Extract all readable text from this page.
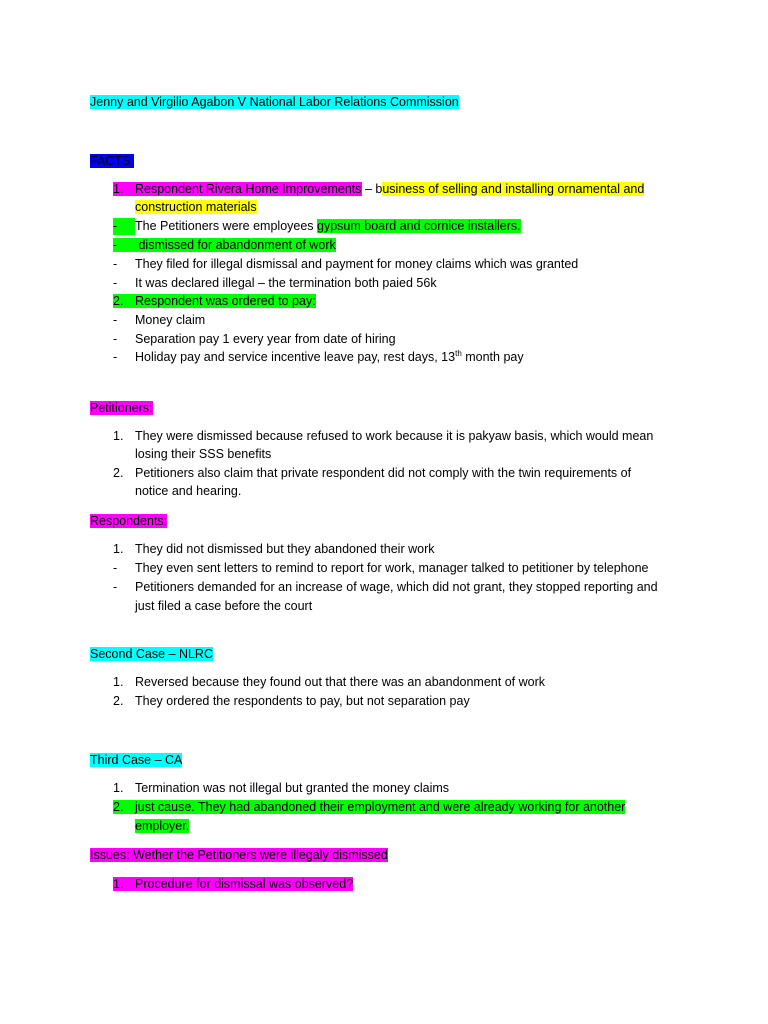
Jenny and Virgilio Agabon V National Labor Relations Commission
FACTS:
1. Respondent Rivera Home Improvements – business of selling and installing ornamental and
construction materials
- The Petitioners were employees gypsum board and cornice installers.
- dismissed for abandonment of work
- They filed for illegal dismissal and payment for money claims which was granted
- It was declared illegal – the termination both paied 56k
2. Respondent was ordered to pay:
- Money claim
- Separation pay 1 every year from date of hiring
- Holiday pay and service incentive leave pay, rest days, 13th month pay
Petitioners:
1. They were dismissed because refused to work because it is pakyaw basis, which would mean
losing their SSS benefits
2. Petitioners also claim that private respondent did not comply with the twin requirements of
notice and hearing.
Respondents:
1. They did not dismissed but they abandoned their work
- They even sent letters to remind to report for work, manager talked to petitioner by telephone
- Petitioners demanded for an increase of wage, which did not grant, they stopped reporting and
just filed a case before the court
Second Case – NLRC
1. Reversed because they found out that there was an abandonment of work
2. They ordered the respondents to pay, but not separation pay
Third Case – CA
1. Termination was not illegal but granted the money claims
2. just cause. They had abandoned their employment and were already working for another
employer.
Issues: Wether the Petitioners were illegaly dismissed
1. Procedure for dismissal was observed?
